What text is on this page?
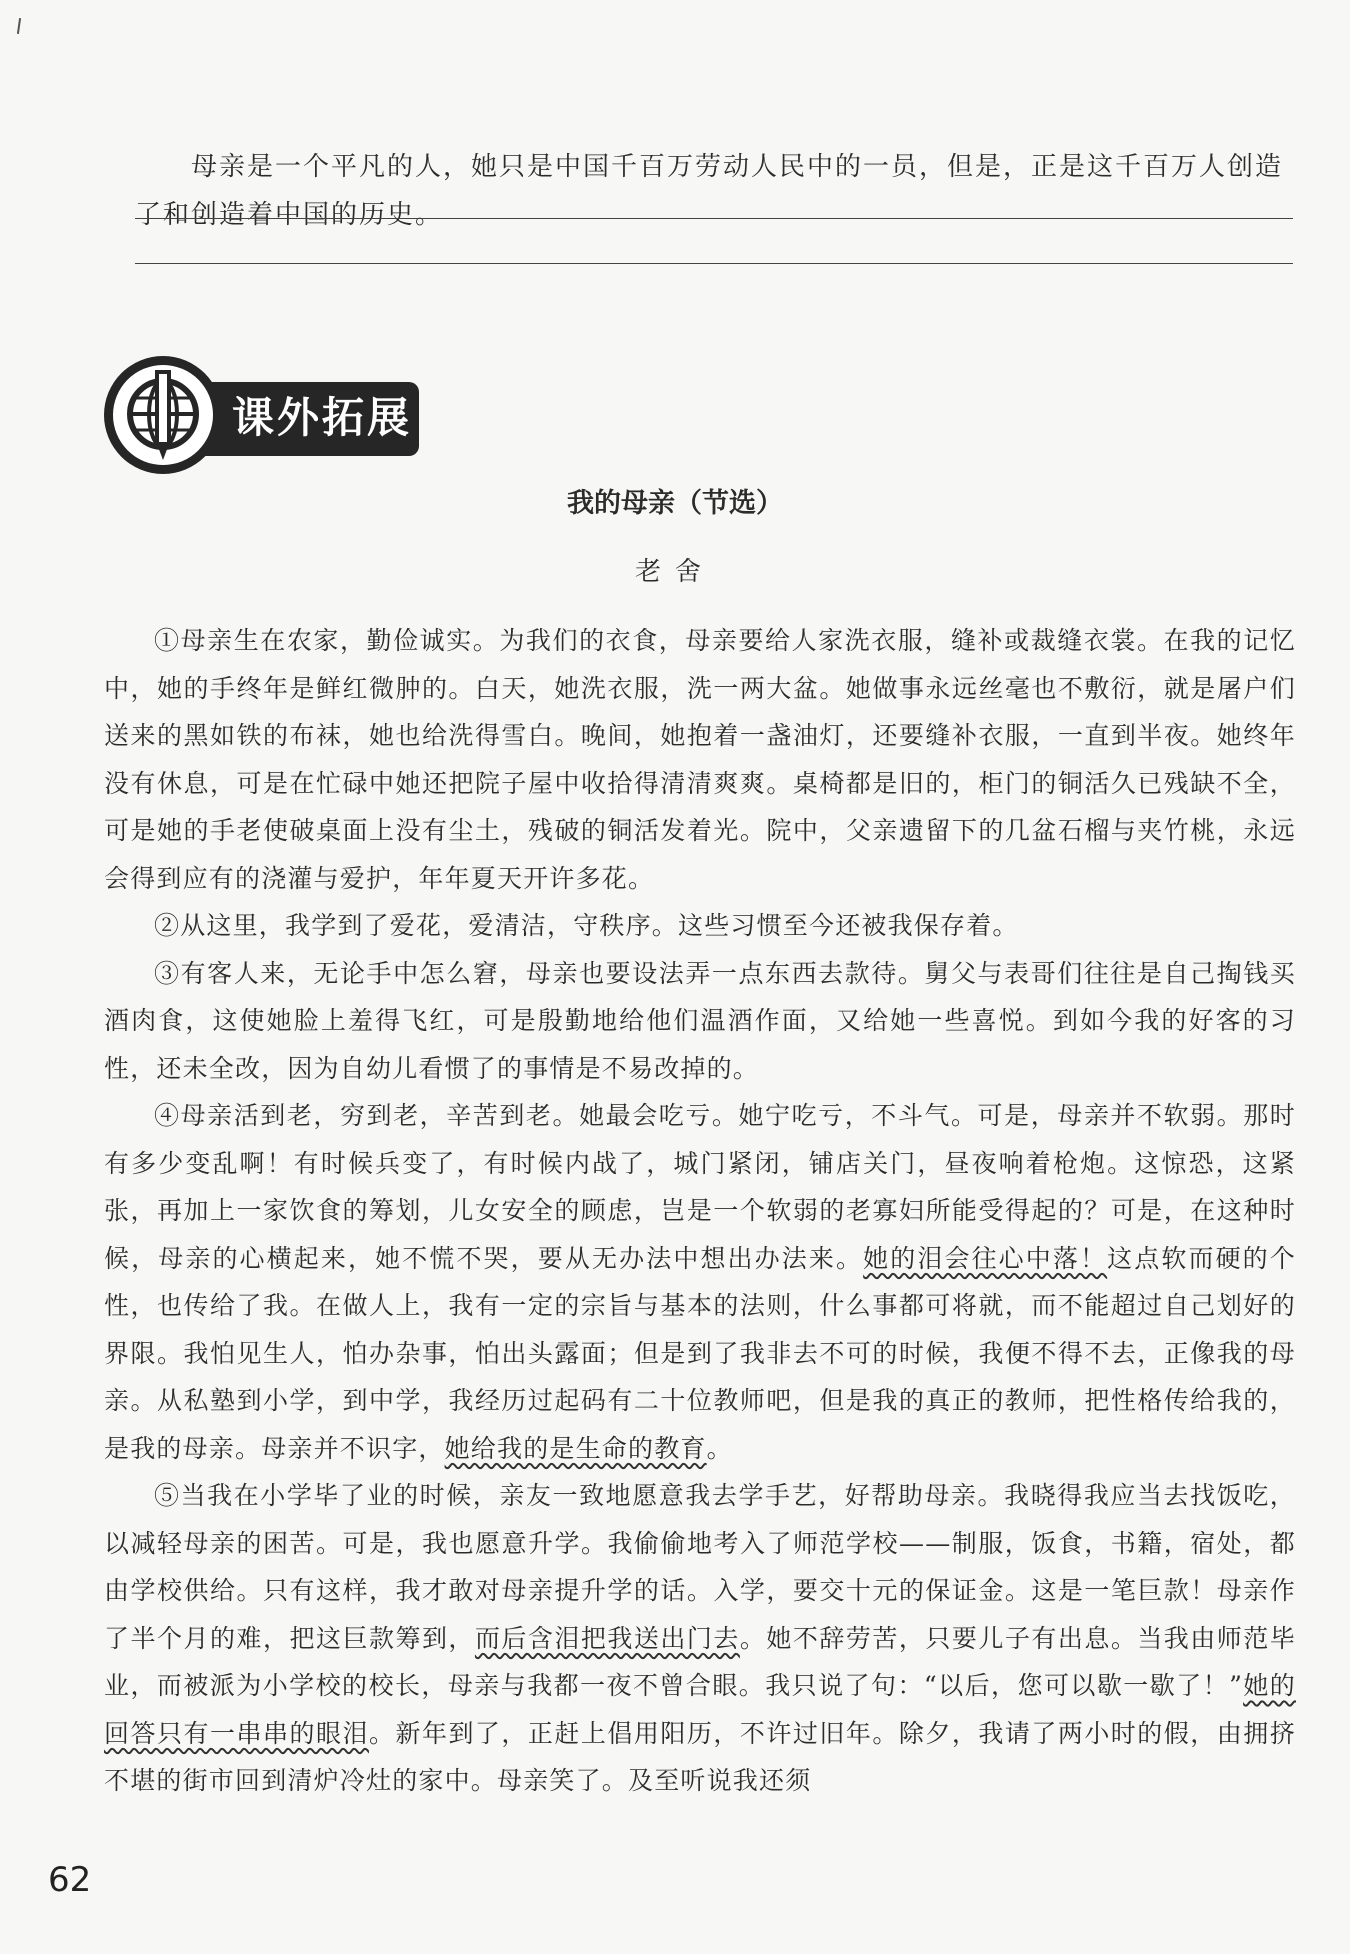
母亲是一个平凡的人，她只是中国千百万劳动人民中的一员，但是，正是这千百万人创造了和创造着中国的历史。
课外拓展
我的母亲（节选）
老舍

①母亲生在农家，勤俭诚实。为我们的衣食，母亲要给人家洗衣服，缝补或裁缝衣裳。在我的记忆中，她的手终年是鲜红微肿的。白天，她洗衣服，洗一两大盆。她做事永远丝毫也不敷衍，就是屠户们送来的黑如铁的布袜，她也给洗得雪白。晚间，她抱着一盏油灯，还要缝补衣服，一直到半夜。她终年没有休息，可是在忙碌中她还把院子屋中收拾得清清爽爽。桌椅都是旧的，柜门的铜活久已残缺不全，可是她的手老使破桌面上没有尘土，残破的铜活发着光。院中，父亲遗留下的几盆石榴与夹竹桃，永远会得到应有的浇灌与爱护，年年夏天开许多花。

②从这里，我学到了爱花，爱清洁，守秩序。这些习惯至今还被我保存着。

③有客人来，无论手中怎么窘，母亲也要设法弄一点东西去款待。舅父与表哥们往往是自己掏钱买酒肉食，这使她脸上羞得飞红，可是殷勤地给他们温酒作面，又给她一些喜悦。到如今我的好客的习性，还未全改，因为自幼儿看惯了的事情是不易改掉的。

④母亲活到老，穷到老，辛苦到老。她最会吃亏。她宁吃亏，不斗气。可是，母亲并不软弱。那时有多少变乱啊！有时候兵变了，有时候内战了，城门紧闭，铺店关门，昼夜响着枪炮。这惊恐，这紧张，再加上一家饮食的筹划，儿女安全的顾虑，岂是一个软弱的老寡妇所能受得起的？可是，在这种时候，母亲的心横起来，她不慌不哭，要从无办法中想出办法来。她的泪会往心中落！这点软而硬的个性，也传给了我。在做人上，我有一定的宗旨与基本的法则，什么事都可将就，而不能超过自己划好的界限。我怕见生人，怕办杂事，怕出头露面；但是到了我非去不可的时候，我便不得不去，正像我的母亲。从私塾到小学，到中学，我经历过起码有二十位教师吧，但是我的真正的教师，把性格传给我的，是我的母亲。母亲并不识字，她给我的是生命的教育。

⑤当我在小学毕了业的时候，亲友一致地愿意我去学手艺，好帮助母亲。我晓得我应当去找饭吃，以减轻母亲的困苦。可是，我也愿意升学。我偷偷地考入了师范学校——制服，饭食，书籍，宿处，都由学校供给。只有这样，我才敢对母亲提升学的话。入学，要交十元的保证金。这是一笔巨款！母亲作了半个月的难，把这巨款筹到，而后含泪把我送出门去。她不辞劳苦，只要儿子有出息。当我由师范毕业，而被派为小学校的校长，母亲与我都一夜不曾合眼。我只说了句：“以后，您可以歇一歇了！”她的回答只有一串串的眼泪。新年到了，正赶上倡用阳历，不许过旧年。除夕，我请了两小时的假，由拥挤不堪的街市回到清炉冷灶的家中。母亲笑了。及至听说我还须

62
